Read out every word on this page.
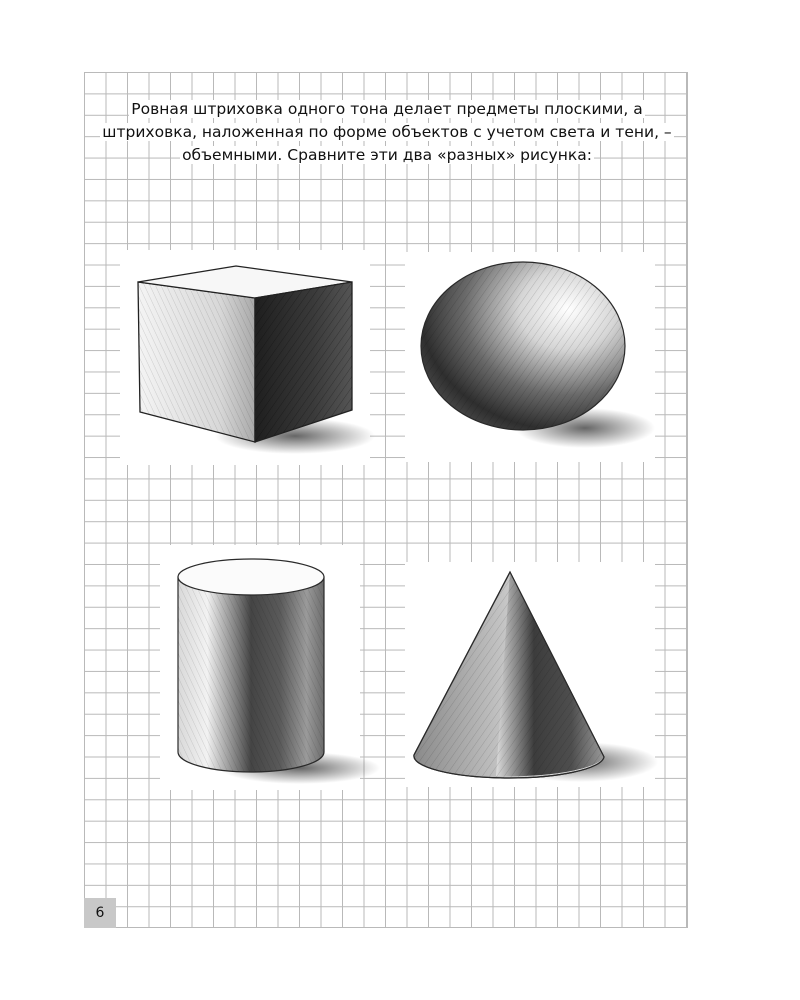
Ровная штриховка одного тона делает предметы плоскими, а штриховка, наложенная по форме объектов с учетом света и тени, – объемными. Сравните эти два «разных» рисунка:

6
